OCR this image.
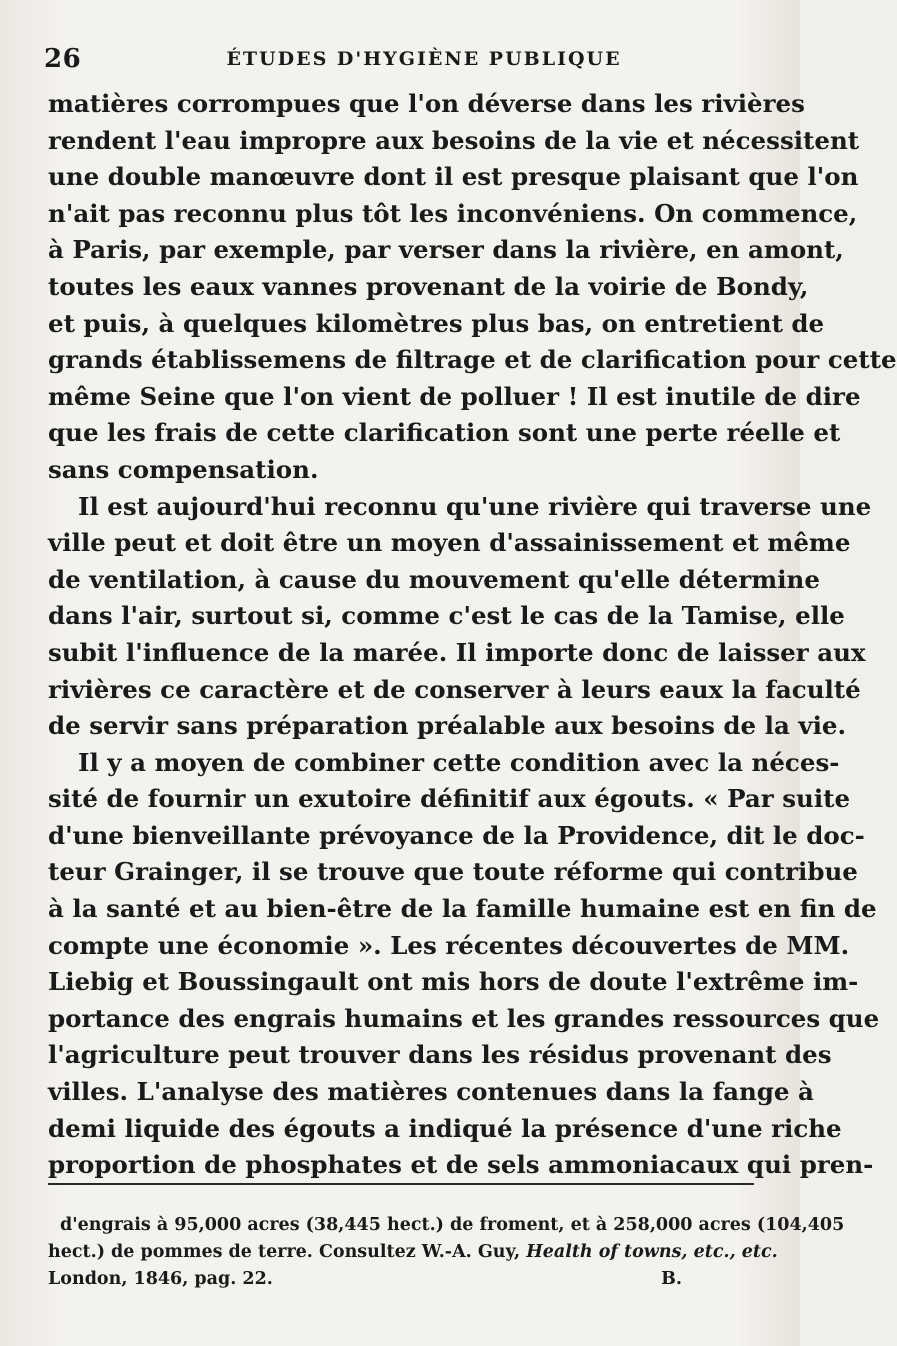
26	ÉTUDES D'HYGIÈNE PUBLIQUE
matières corrompues que l'on déverse dans les rivières
rendent l'eau impropre aux besoins de la vie et nécessitent
une double manœuvre dont il est presque plaisant que l'on
n'ait pas reconnu plus tôt les inconvéniens. On commence,
à Paris, par exemple, par verser dans la rivière, en amont,
toutes les eaux vannes provenant de la voirie de Bondy,
et puis, à quelques kilomètres plus bas, on entretient de
grands établissemens de filtrage et de clarification pour cette
même Seine que l'on vient de polluer ! Il est inutile de dire
que les frais de cette clarification sont une perte réelle et
sans compensation.
Il est aujourd'hui reconnu qu'une rivière qui traverse une
ville peut et doit être un moyen d'assainissement et même
de ventilation, à cause du mouvement qu'elle détermine
dans l'air, surtout si, comme c'est le cas de la Tamise, elle
subit l'influence de la marée. Il importe donc de laisser aux
rivières ce caractère et de conserver à leurs eaux la faculté
de servir sans préparation préalable aux besoins de la vie.
Il y a moyen de combiner cette condition avec la néces-
sité de fournir un exutoire définitif aux égouts. « Par suite
d'une bienveillante prévoyance de la Providence, dit le doc-
teur Grainger, il se trouve que toute réforme qui contribue
à la santé et au bien-être de la famille humaine est en fin de
compte une économie ». Les récentes découvertes de MM.
Liebig et Boussingault ont mis hors de doute l'extrême im-
portance des engrais humains et les grandes ressources que
l'agriculture peut trouver dans les résidus provenant des
villes. L'analyse des matières contenues dans la fange à
demi liquide des égouts a indiqué la présence d'une riche
proportion de phosphates et de sels ammoniacaux qui pren-
d'engrais à 95,000 acres (38,445 hect.) de froment, et à 258,000 acres (104,405
hect.) de pommes de terre. Consultez W.-A. Guy, Health of towns, etc., etc.
London, 1846, pag. 22.	B.
